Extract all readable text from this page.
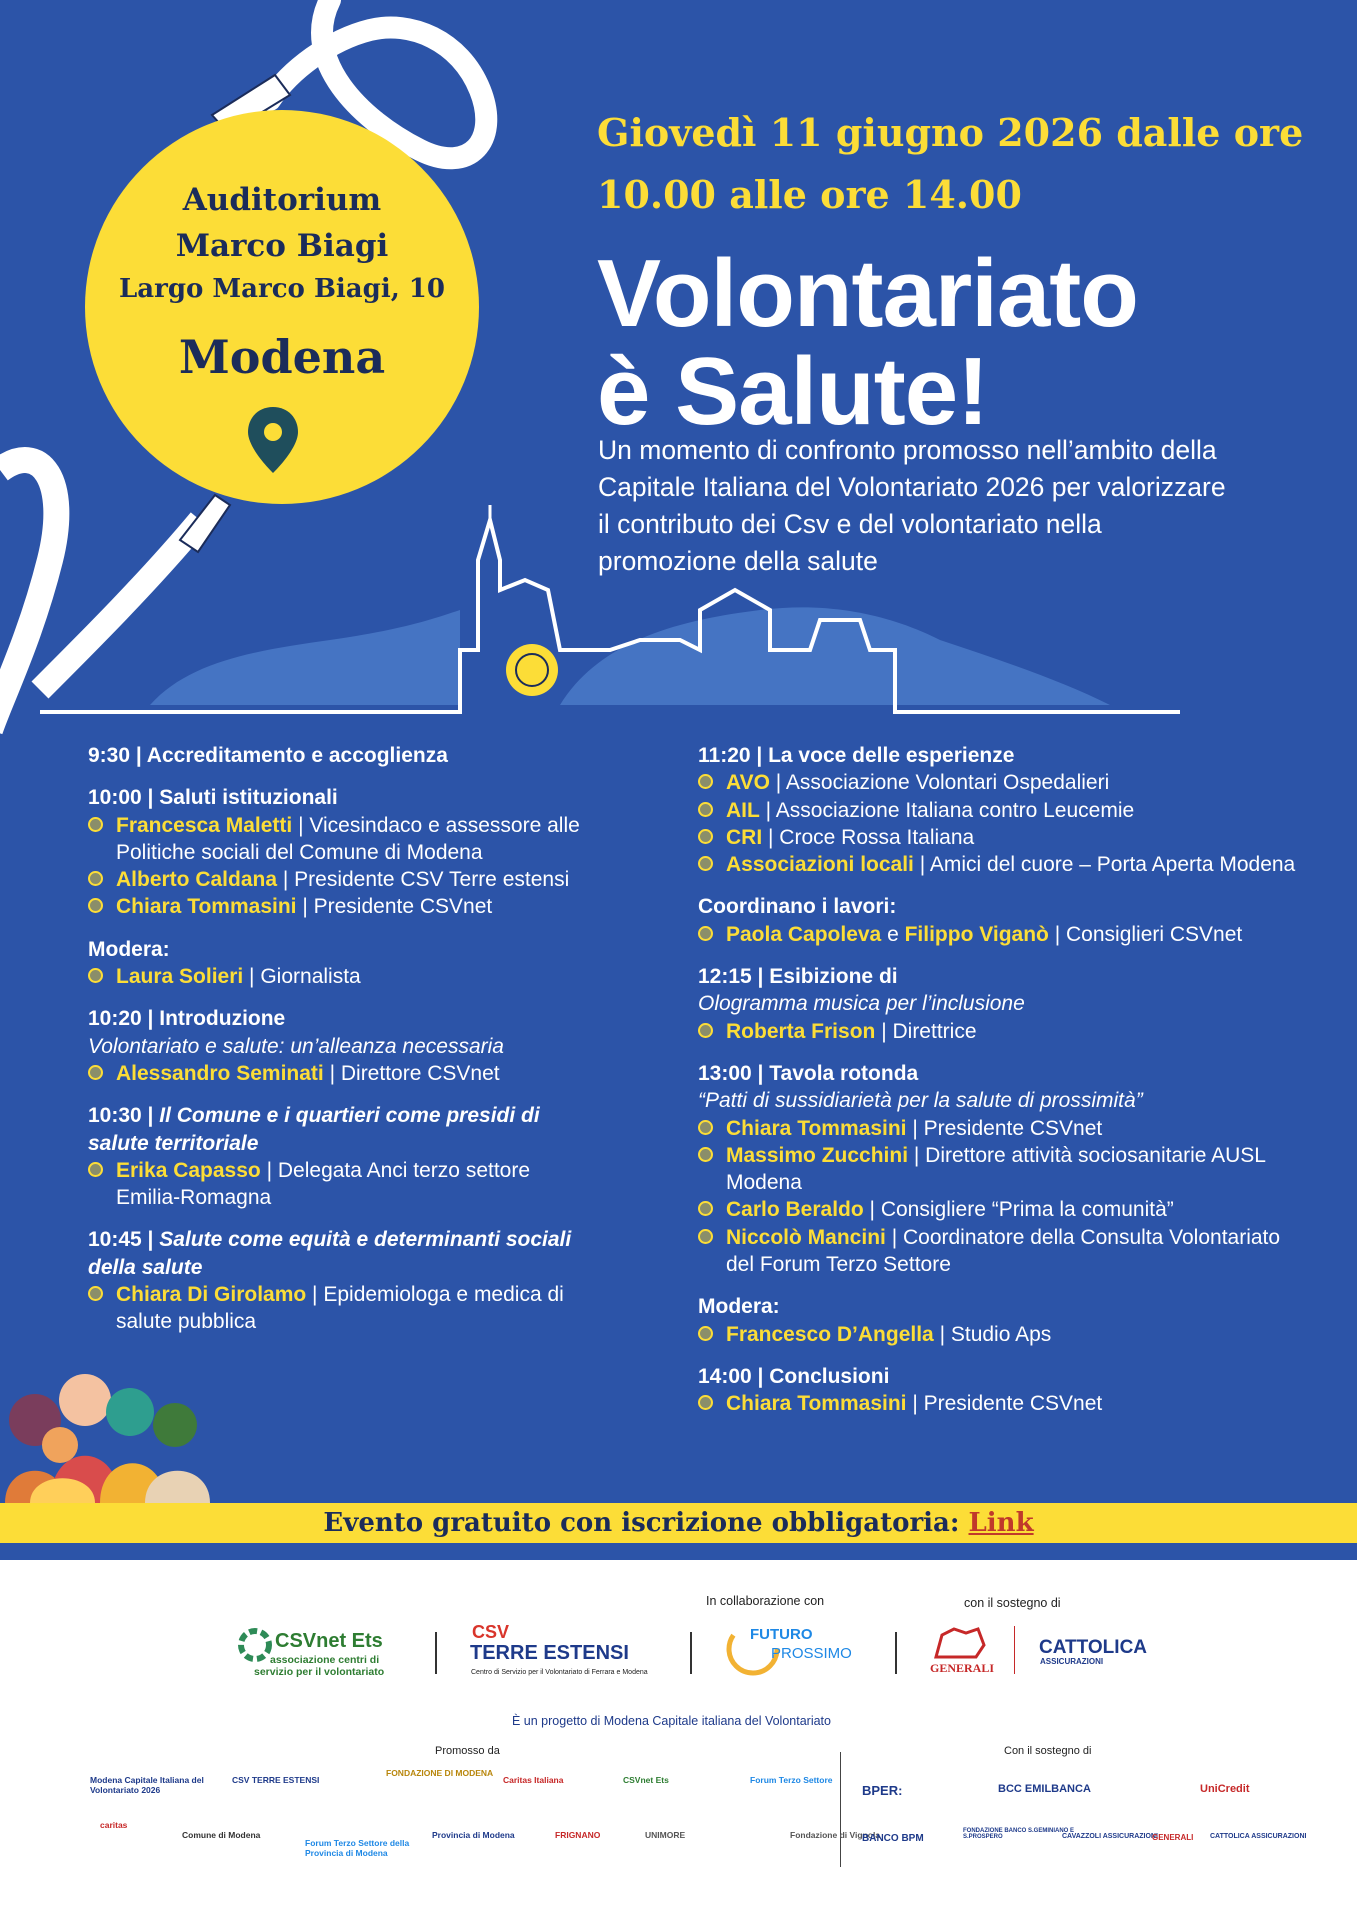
Auditorium
Marco Biagi
Largo Marco Biagi, 10
Modena
Giovedì 11 giugno 2026 dalle ore
10.00 alle ore 14.00
Volontariato
è Salute!
Un momento di confronto promosso nell’ambito della Capitale Italiana del Volontariato 2026 per valorizzare il contributo dei Csv e del volontariato nella promozione della salute
9:30 | Accreditamento e accoglienza
10:00 | Saluti istituzionali
Francesca Maletti | Vicesindaco e assessore alle Politiche sociali del Comune di Modena
Alberto Caldana | Presidente CSV Terre estensi
Chiara Tommasini | Presidente CSVnet
Modera:
Laura Solieri | Giornalista
10:20 | Introduzione
Volontariato e salute: un’alleanza necessaria
Alessandro Seminati | Direttore CSVnet
10:30 | Il Comune e i quartieri come presidi di salute territoriale
Erika Capasso | Delegata Anci terzo settore Emilia-Romagna
10:45 | Salute come equità e determinanti sociali della salute
Chiara Di Girolamo | Epidemiologa e medica di salute pubblica
11:20 | La voce delle esperienze
AVO | Associazione Volontari Ospedalieri
AIL | Associazione Italiana contro Leucemie
CRI | Croce Rossa Italiana
Associazioni locali | Amici del cuore – Porta Aperta Modena
Coordinano i lavori:
Paola Capoleva e Filippo Viganò | Consiglieri CSVnet
12:15 | Esibizione di
Ologramma musica per l’inclusione
Roberta Frison | Direttrice
13:00 | Tavola rotonda
“Patti di sussidiarietà per la salute di prossimità”
Chiara Tommasini | Presidente CSVnet
Massimo Zucchini | Direttore attività sociosanitarie AUSL Modena
Carlo Beraldo | Consigliere “Prima la comunità”
Niccolò Mancini | Coordinatore della Consulta Volontariato del Forum Terzo Settore
Modera:
Francesco D’Angella | Studio Aps
14:00 | Conclusioni
Chiara Tommasini | Presidente CSVnet
Evento gratuito con iscrizione obbligatoria: Link
In collaborazione con	con il sostegno di
CSVnet Ets
associazione centri di
servizio per il volontariato
CSV
TERRE ESTENSI
Centro di Servizio per il Volontariato di Ferrara e Modena
FUTURO
PROSSIMO
GENERALI
CATTOLICA
ASSICURAZIONI
È un progetto di Modena Capitale italiana del Volontariato
Promosso da	Con il sostegno di
Modena Capitale Italiana del Volontariato 2026
CSV TERRE ESTENSI
FONDAZIONE DI MODENA
Caritas Italiana	CSVnet Ets	Forum Terzo Settore
caritas
Comune di Modena
Forum Terzo Settore della Provincia di Modena
Provincia di Modena	FRIGNANO	UNIMORE	Fondazione di Vignola
BPER:	BCC EMILBANCA	UniCredit
BANCO BPM
FONDAZIONE BANCO S.GEMINIANO E S.PROSPERO	CAVAZZOLI ASSICURAZIONI
GENERALI CATTOLICA ASSICURAZIONI
